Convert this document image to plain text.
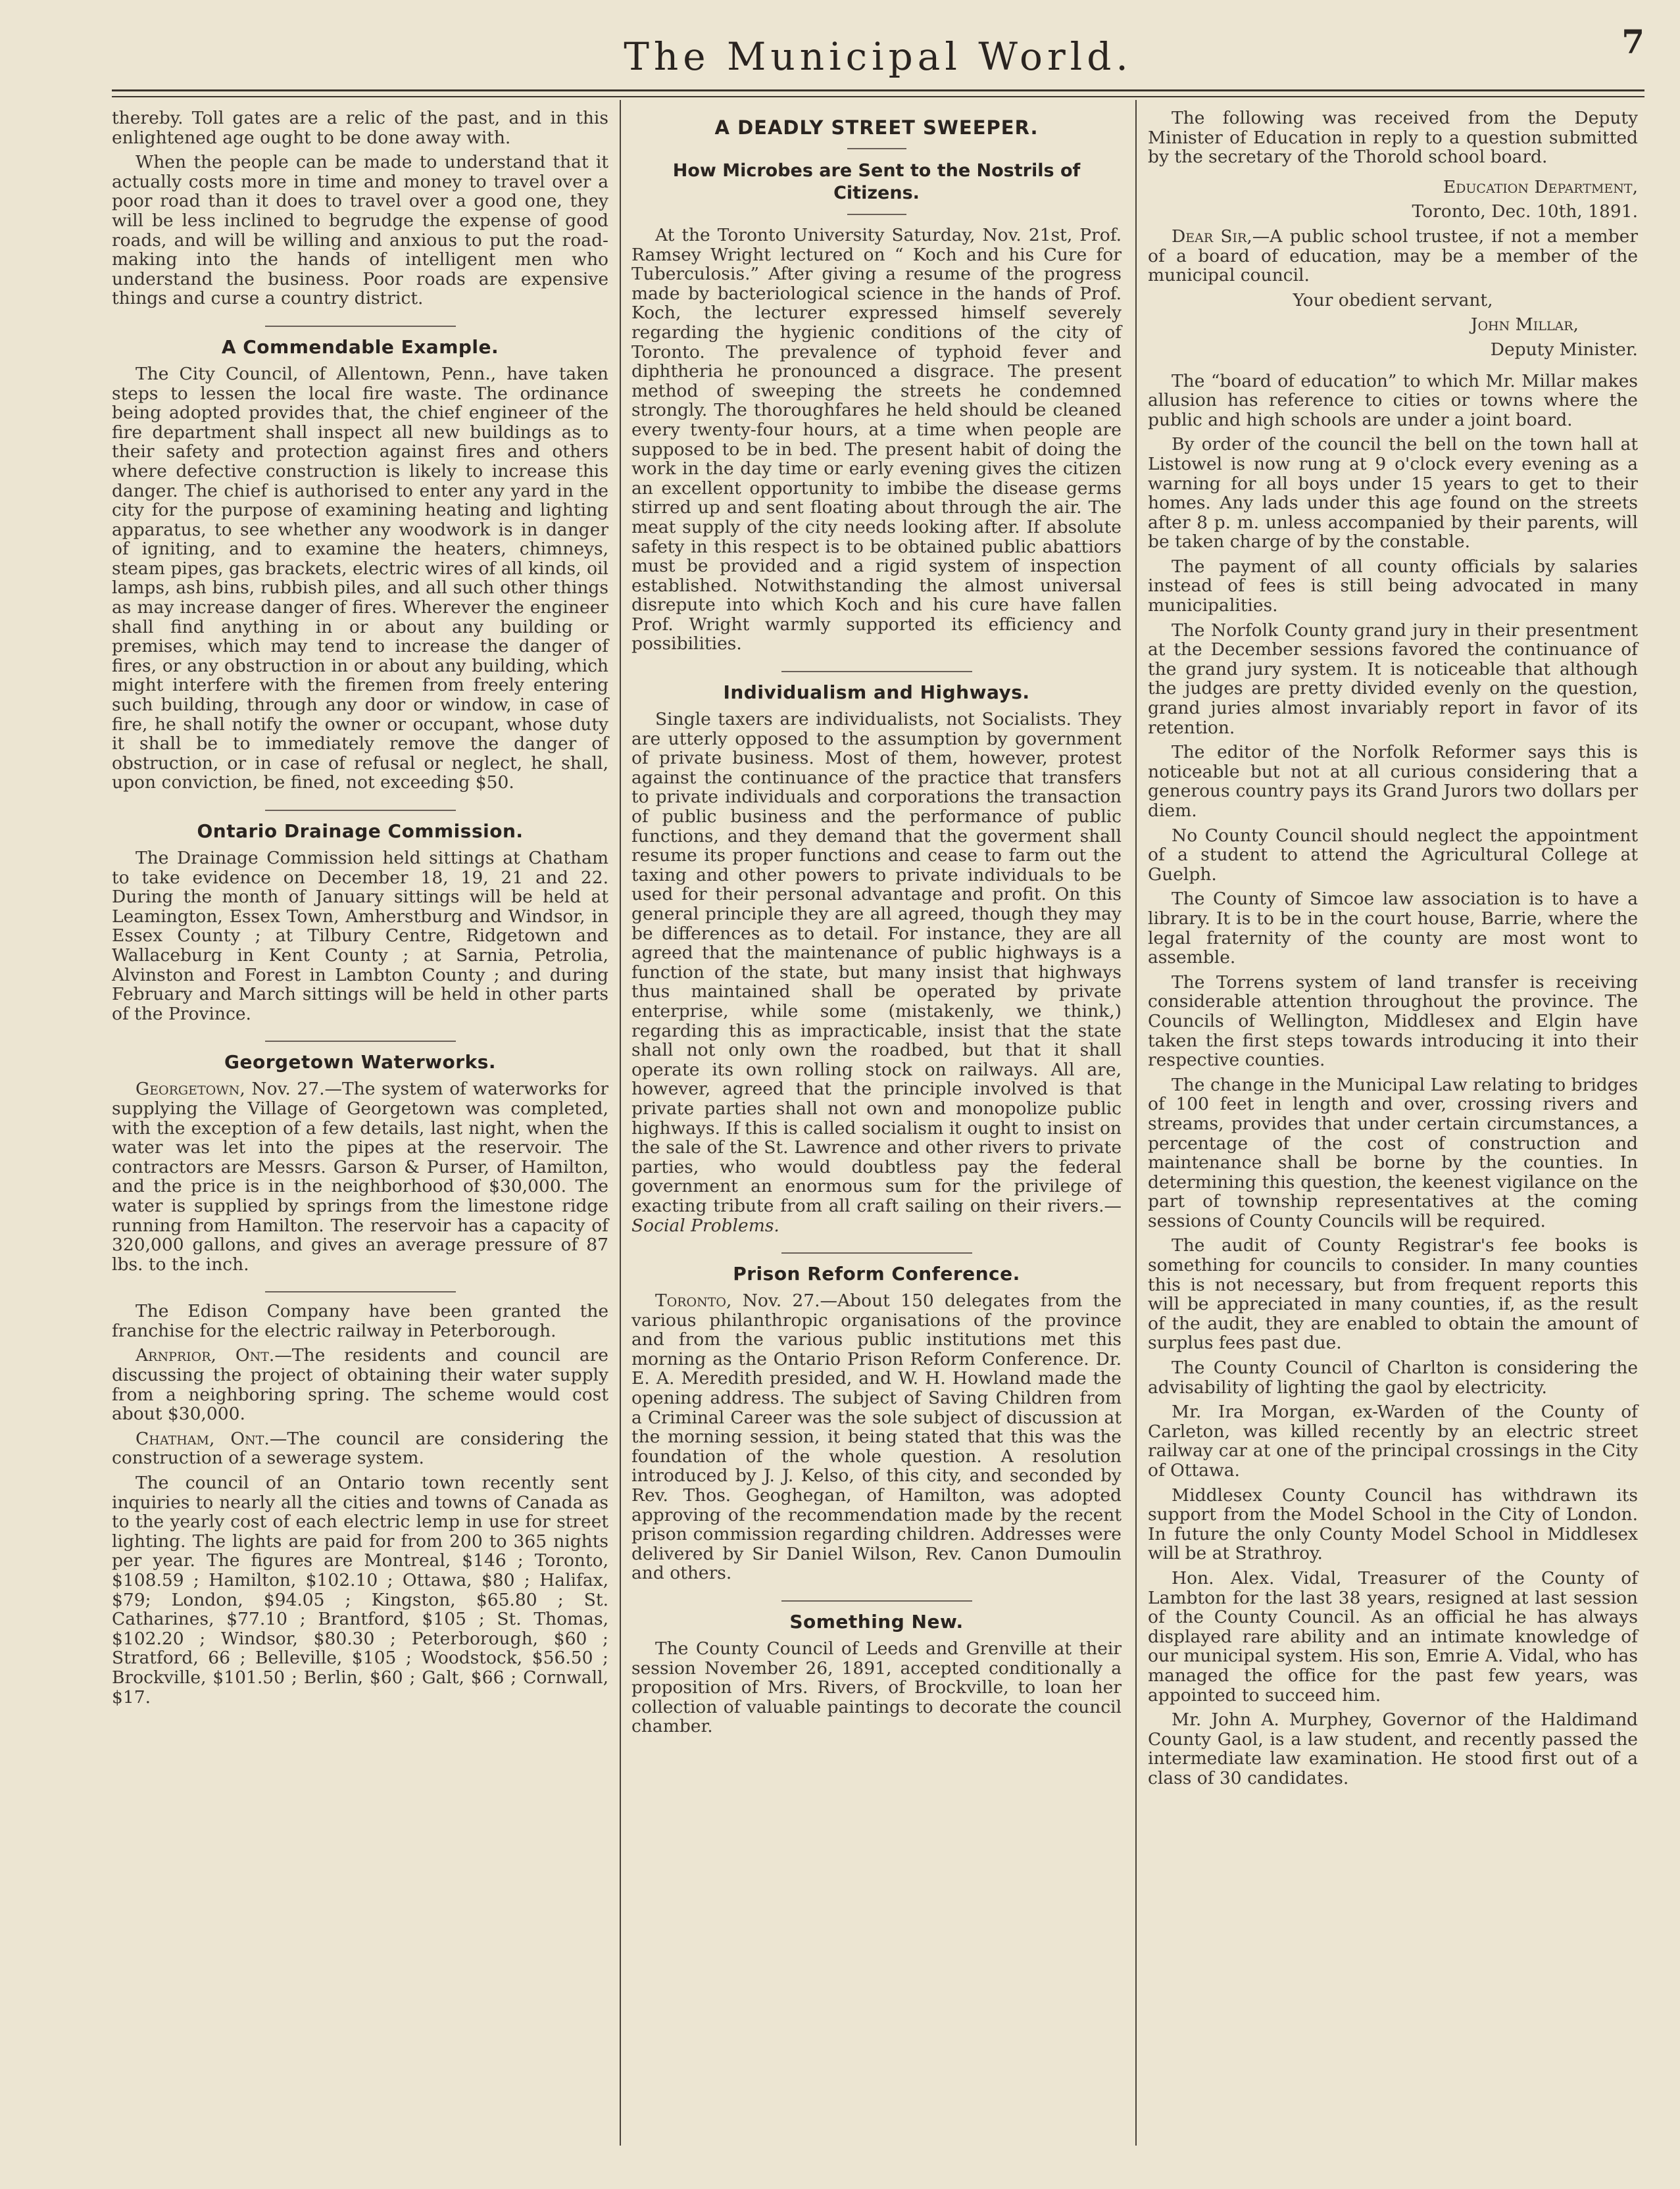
The Municipal World.	7

thereby. Toll gates are a relic of the past, and in this enlightened age ought to be done away with.

When the people can be made to understand that it actually costs more in time and money to travel over a poor road than it does to travel over a good one, they will be less inclined to begrudge the expense of good roads, and will be willing and anxious to put the road-making into the hands of intelligent men who understand the business. Poor roads are expensive things and curse a country district.

A Commendable Example.

The City Council, of Allentown, Penn., have taken steps to lessen the local fire waste. The ordinance being adopted provides that, the chief engineer of the fire department shall inspect all new buildings as to their safety and protection against fires and others where defective construction is likely to increase this danger. The chief is authorised to enter any yard in the city for the purpose of examining heating and lighting apparatus, to see whether any woodwork is in danger of igniting, and to examine the heaters, chimneys, steam pipes, gas brackets, electric wires of all kinds, oil lamps, ash bins, rubbish piles, and all such other things as may increase danger of fires. Wherever the engineer shall find anything in or about any building or premises, which may tend to increase the danger of fires, or any obstruction in or about any building, which might interfere with the firemen from freely entering such building, through any door or window, in case of fire, he shall notify the owner or occupant, whose duty it shall be to immediately remove the danger of obstruction, or in case of refusal or neglect, he shall, upon conviction, be fined, not exceeding $50.

Ontario Drainage Commission.

The Drainage Commission held sittings at Chatham to take evidence on December 18, 19, 21 and 22. During the month of January sittings will be held at Leamington, Essex Town, Amherstburg and Windsor, in Essex County ; at Tilbury Centre, Ridgetown and Wallaceburg in Kent County ; at Sarnia, Petrolia, Alvinston and Forest in Lambton County ; and during February and March sittings will be held in other parts of the Province.

Georgetown Waterworks.

Georgetown, Nov. 27.—The system of waterworks for supplying the Village of Georgetown was completed, with the exception of a few details, last night, when the water was let into the pipes at the reservoir. The contractors are Messrs. Garson & Purser, of Hamilton, and the price is in the neighborhood of $30,000. The water is supplied by springs from the limestone ridge running from Hamilton. The reservoir has a capacity of 320,000 gallons, and gives an average pressure of 87 lbs. to the inch.

The Edison Company have been granted the franchise for the electric railway in Peterborough.

Arnprior, Ont.—The residents and council are discussing the project of obtaining their water supply from a neighboring spring. The scheme would cost about $30,000.

Chatham, Ont.—The council are considering the construction of a sewerage system.

The council of an Ontario town recently sent inquiries to nearly all the cities and towns of Canada as to the yearly cost of each electric lemp in use for street lighting. The lights are paid for from 200 to 365 nights per year. The figures are Montreal, $146 ; Toronto, $108.59 ; Hamilton, $102.10 ; Ottawa, $80 ; Halifax, $79; London, $94.05 ; Kingston, $65.80 ; St. Catharines, $77.10 ; Brantford, $105 ; St. Thomas, $102.20 ; Windsor, $80.30 ; Peterborough, $60 ; Stratford, 66 ; Belleville, $105 ; Woodstock, $56.50 ; Brockville, $101.50 ; Berlin, $60 ; Galt, $66 ; Cornwall, $17.

A DEADLY STREET SWEEPER.
How Microbes are Sent to the Nostrils of Citizens.

At the Toronto University Saturday, Nov. 21st, Prof. Ramsey Wright lectured on “ Koch and his Cure for Tuberculosis.” After giving a resume of the progress made by bacteriological science in the hands of Prof. Koch, the lecturer expressed himself severely regarding the hygienic conditions of the city of Toronto. The prevalence of typhoid fever and diphtheria he pronounced a disgrace. The present method of sweeping the streets he condemned strongly. The thoroughfares he held should be cleaned every twenty-four hours, at a time when people are supposed to be in bed. The present habit of doing the work in the day time or early evening gives the citizen an excellent opportunity to imbibe the disease germs stirred up and sent floating about through the air. The meat supply of the city needs looking after. If absolute safety in this respect is to be obtained public abattiors must be provided and a rigid system of inspection established. Notwithstanding the almost universal disrepute into which Koch and his cure have fallen Prof. Wright warmly supported its efficiency and possibilities.

Individualism and Highways.

Single taxers are individualists, not Socialists. They are utterly opposed to the assumption by government of private business. Most of them, however, protest against the continuance of the practice that transfers to private individuals and corporations the transaction of public business and the performance of public functions, and they demand that the goverment shall resume its proper functions and cease to farm out the taxing and other powers to private individuals to be used for their personal advantage and profit. On this general principle they are all agreed, though they may be differences as to detail. For instance, they are all agreed that the maintenance of public highways is a function of the state, but many insist that highways thus maintained shall be operated by private enterprise, while some (mistakenly, we think,) regarding this as impracticable, insist that the state shall not only own the roadbed, but that it shall operate its own rolling stock on railways. All are, however, agreed that the principle involved is that private parties shall not own and monopolize public highways. If this is called socialism it ought to insist on the sale of the St. Lawrence and other rivers to private parties, who would doubtless pay the federal government an enormous sum for the privilege of exacting tribute from all craft sailing on their rivers.—Social Problems.

Prison Reform Conference.

Toronto, Nov. 27.—About 150 delegates from the various philanthropic organisations of the province and from the various public institutions met this morning as the Ontario Prison Reform Conference. Dr. E. A. Meredith presided, and W. H. Howland made the opening address. The subject of Saving Children from a Criminal Career was the sole subject of discussion at the morning session, it being stated that this was the foundation of the whole question. A resolution introduced by J. J. Kelso, of this city, and seconded by Rev. Thos. Geoghegan, of Hamilton, was adopted approving of the recommendation made by the recent prison commission regarding children. Addresses were delivered by Sir Daniel Wilson, Rev. Canon Dumoulin and others.

Something New.

The County Council of Leeds and Grenville at their session November 26, 1891, accepted conditionally a proposition of Mrs. Rivers, of Brockville, to loan her collection of valuable paintings to decorate the council chamber.

The following was received from the Deputy Minister of Education in reply to a question submitted by the secretary of the Thorold school board.

Education Department,

Toronto, Dec. 10th, 1891.

Dear Sir,—A public school trustee, if not a member of a board of education, may be a member of the municipal council.

Your obedient servant,

John Millar,

Deputy Minister.

The “board of education” to which Mr. Millar makes allusion has reference to cities or towns where the public and high schools are under a joint board.

By order of the council the bell on the town hall at Listowel is now rung at 9 o'clock every evening as a warning for all boys under 15 years to get to their homes. Any lads under this age found on the streets after 8 p. m. unless accompanied by their parents, will be taken charge of by the constable.

The payment of all county officials by salaries instead of fees is still being advocated in many municipalities.

The Norfolk County grand jury in their presentment at the December sessions favored the continuance of the grand jury system. It is noticeable that although the judges are pretty divided evenly on the question, grand juries almost invariably report in favor of its retention.

The editor of the Norfolk Reformer says this is noticeable but not at all curious considering that a generous country pays its Grand Jurors two dollars per diem.

No County Council should neglect the appointment of a student to attend the Agricultural College at Guelph.

The County of Simcoe law association is to have a library. It is to be in the court house, Barrie, where the legal fraternity of the county are most wont to assemble.

The Torrens system of land transfer is receiving considerable attention throughout the province. The Councils of Wellington, Middlesex and Elgin have taken the first steps towards introducing it into their respective counties.

The change in the Municipal Law relating to bridges of 100 feet in length and over, crossing rivers and streams, provides that under certain circumstances, a percentage of the cost of construction and maintenance shall be borne by the counties. In determining this question, the keenest vigilance on the part of township representatives at the coming sessions of County Councils will be required.

The audit of County Registrar's fee books is something for councils to consider. In many counties this is not necessary, but from frequent reports this will be appreciated in many counties, if, as the result of the audit, they are enabled to obtain the amount of surplus fees past due.

The County Council of Charlton is considering the advisability of lighting the gaol by electricity.

Mr. Ira Morgan, ex-Warden of the County of Carleton, was killed recently by an electric street railway car at one of the principal crossings in the City of Ottawa.

Middlesex County Council has withdrawn its support from the Model School in the City of London. In future the only County Model School in Middlesex will be at Strathroy.

Hon. Alex. Vidal, Treasurer of the County of Lambton for the last 38 years, resigned at last session of the County Council. As an official he has always displayed rare ability and an intimate knowledge of our municipal system. His son, Emrie A. Vidal, who has managed the office for the past few years, was appointed to succeed him.

Mr. John A. Murphey, Governor of the Haldimand County Gaol, is a law student, and recently passed the intermediate law examination. He stood first out of a class of 30 candidates.
